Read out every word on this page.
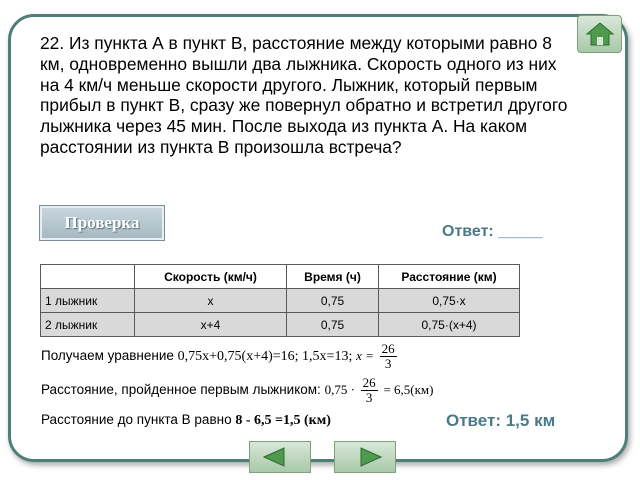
22. Из пункта А в пункт В, расстояние между которыми равно 8 км, одновременно вышли два лыжника. Скорость одного из них на 4 км/ч меньше скорости другого. Лыжник, который первым прибыл в пункт В, сразу же повернул обратно и встретил другого лыжника через 45 мин. После выхода из пункта А. На каком расстоянии из пункта В произошла встреча?
Проверка	Ответ: _____
	Скорость (км/ч)	Время (ч)	Расстояние (км)
1 лыжник	x	0,75	0,75·x
2 лыжник	x+4	0,75	0,75·(x+4)
Получаем уравнение 0,75x+0,75(x+4)=16; 1,5x=13; $x = \frac{26}{3}$
Расстояние, пройденное первым лыжником: $0,75 \cdot \frac{26}{3} = 6,5(км)$
Расстояние до пункта В равно 8 - 6,5 =1,5 (км)	Ответ: 1,5 км
